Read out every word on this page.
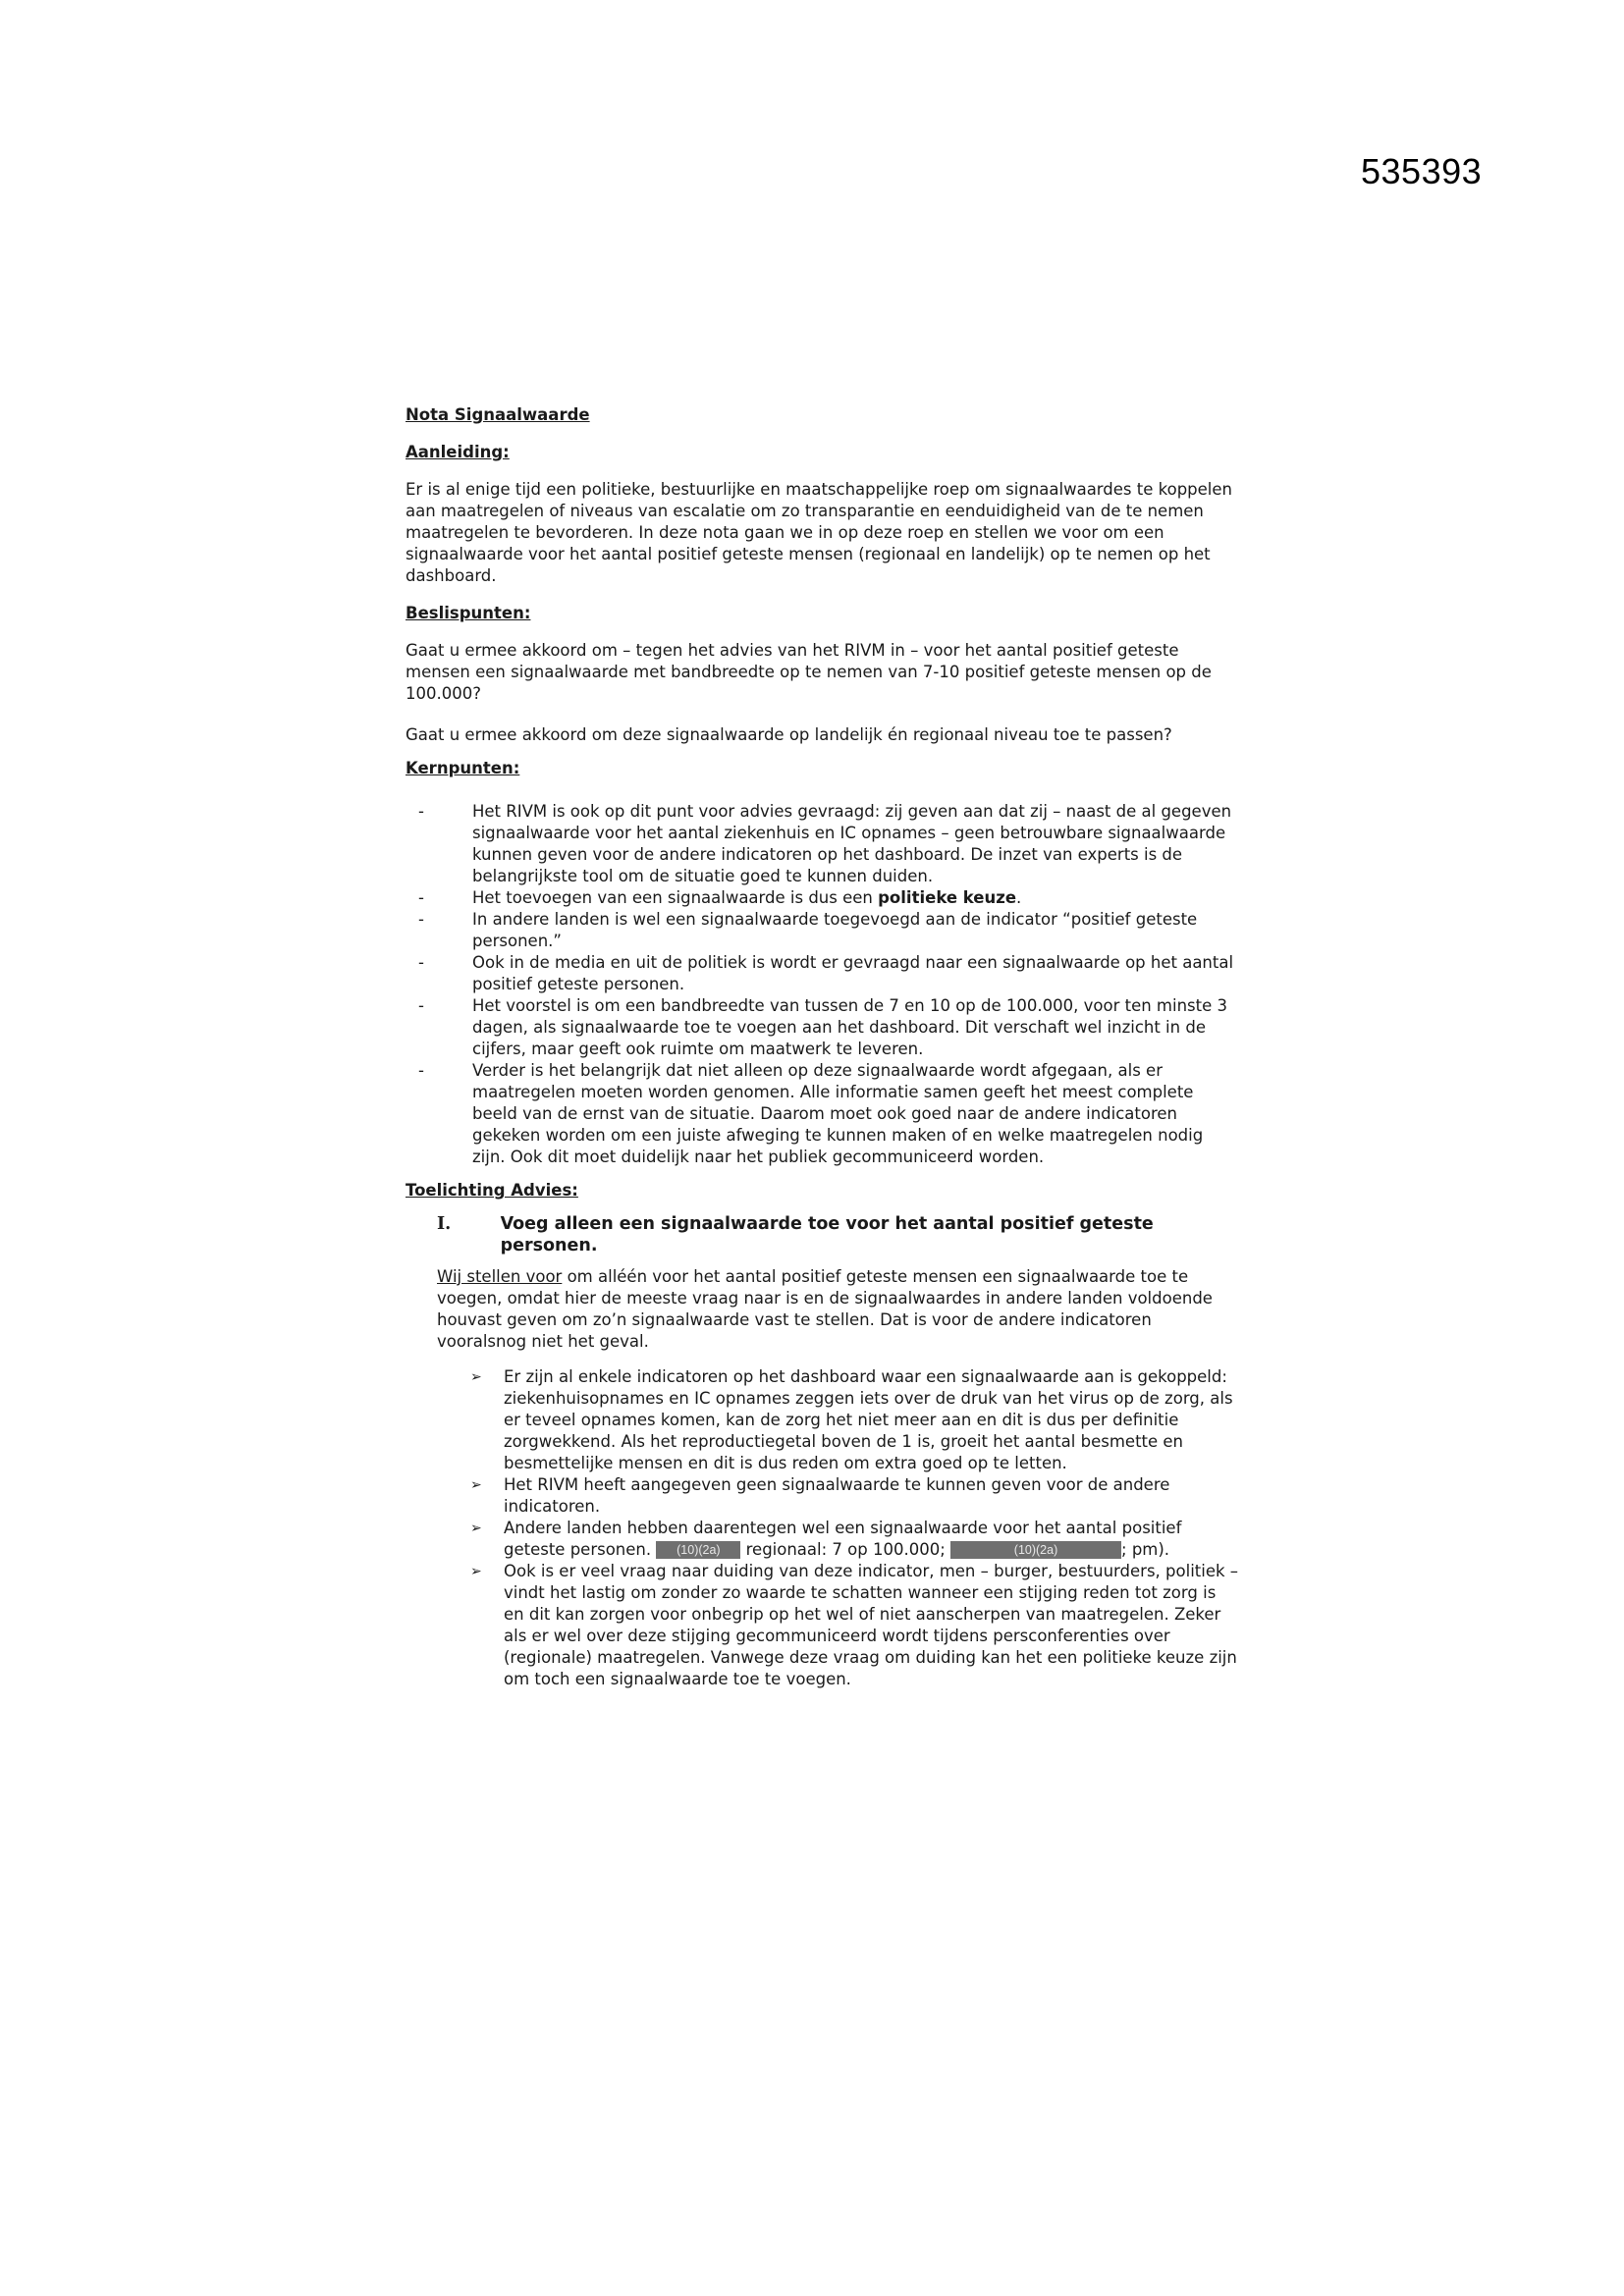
535393

Nota Signaalwaarde

Aanleiding:

Er is al enige tijd een politieke, bestuurlijke en maatschappelijke roep om signaalwaardes te koppelen aan maatregelen of niveaus van escalatie om zo transparantie en eenduidigheid van de te nemen maatregelen te bevorderen. In deze nota gaan we in op deze roep en stellen we voor om een signaalwaarde voor het aantal positief geteste mensen (regionaal en landelijk) op te nemen op het dashboard.

Beslispunten:

Gaat u ermee akkoord om – tegen het advies van het RIVM in – voor het aantal positief geteste mensen een signaalwaarde met bandbreedte op te nemen van 7-10 positief geteste mensen op de 100.000?

Gaat u ermee akkoord om deze signaalwaarde op landelijk én regionaal niveau toe te passen?

Kernpunten:

-	Het RIVM is ook op dit punt voor advies gevraagd: zij geven aan dat zij – naast de al gegeven signaalwaarde voor het aantal ziekenhuis en IC opnames – geen betrouwbare signaalwaarde kunnen geven voor de andere indicatoren op het dashboard. De inzet van experts is de belangrijkste tool om de situatie goed te kunnen duiden.
-	Het toevoegen van een signaalwaarde is dus een politieke keuze.
-	In andere landen is wel een signaalwaarde toegevoegd aan de indicator “positief geteste personen.”
-	Ook in de media en uit de politiek is wordt er gevraagd naar een signaalwaarde op het aantal positief geteste personen.
-	Het voorstel is om een bandbreedte van tussen de 7 en 10 op de 100.000, voor ten minste 3 dagen, als signaalwaarde toe te voegen aan het dashboard. Dit verschaft wel inzicht in de cijfers, maar geeft ook ruimte om maatwerk te leveren.
-	Verder is het belangrijk dat niet alleen op deze signaalwaarde wordt afgegaan, als er maatregelen moeten worden genomen. Alle informatie samen geeft het meest complete beeld van de ernst van de situatie. Daarom moet ook goed naar de andere indicatoren gekeken worden om een juiste afweging te kunnen maken of en welke maatregelen nodig zijn. Ook dit moet duidelijk naar het publiek gecommuniceerd worden.

Toelichting Advies:

I.	Voeg alleen een signaalwaarde toe voor het aantal positief geteste personen.

Wij stellen voor om alléén voor het aantal positief geteste mensen een signaalwaarde toe te voegen, omdat hier de meeste vraag naar is en de signaalwaardes in andere landen voldoende houvast geven om zo’n signaalwaarde vast te stellen. Dat is voor de andere indicatoren vooralsnog niet het geval.

➢ Er zijn al enkele indicatoren op het dashboard waar een signaalwaarde aan is gekoppeld: ziekenhuisopnames en IC opnames zeggen iets over de druk van het virus op de zorg, als er teveel opnames komen, kan de zorg het niet meer aan en dit is dus per definitie zorgwekkend. Als het reproductiegetal boven de 1 is, groeit het aantal besmette en besmettelijke mensen en dit is dus reden om extra goed op te letten.
➢ Het RIVM heeft aangegeven geen signaalwaarde te kunnen geven voor de andere indicatoren.
➢ Andere landen hebben daarentegen wel een signaalwaarde voor het aantal positief geteste personen. (10)(2a) regionaal: 7 op 100.000;	(10)(2a)	; pm).
➢ Ook is er veel vraag naar duiding van deze indicator, men – burger, bestuurders, politiek – vindt het lastig om zonder zo waarde te schatten wanneer een stijging reden tot zorg is en dit kan zorgen voor onbegrip op het wel of niet aanscherpen van maatregelen. Zeker als er wel over deze stijging gecommuniceerd wordt tijdens persconferenties over (regionale) maatregelen. Vanwege deze vraag om duiding kan het een politieke keuze zijn om toch een signaalwaarde toe te voegen.
